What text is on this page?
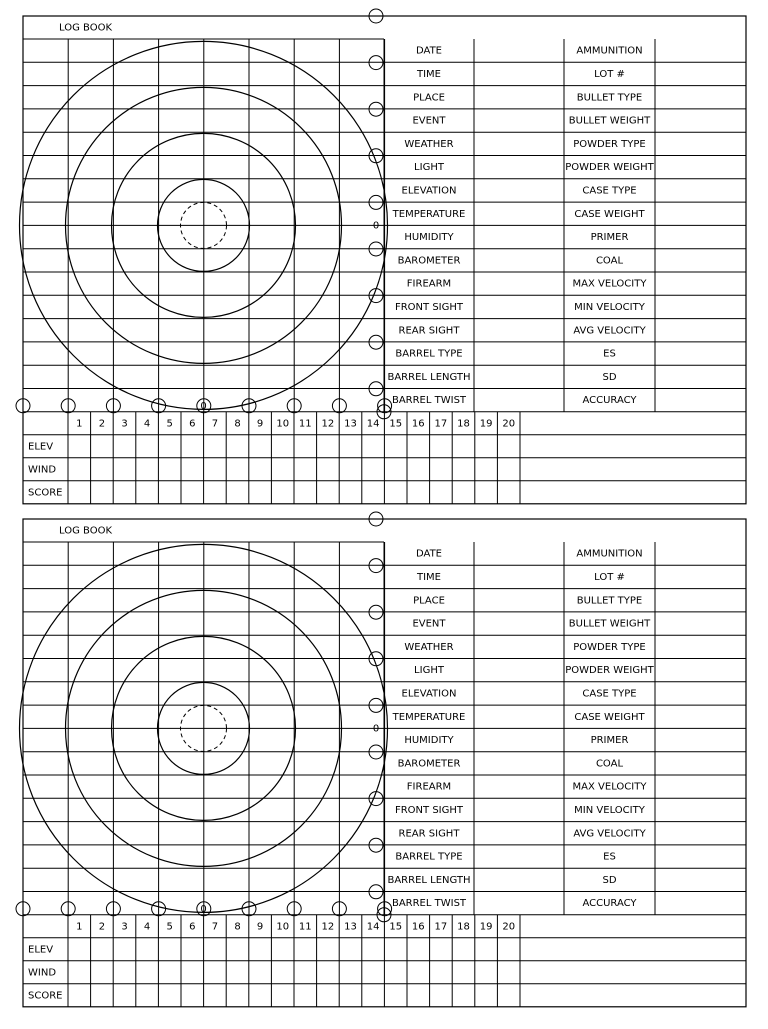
LOG BOOK
0
0
DATE	AMMUNITION
TIME	LOT #
PLACE	BULLET TYPE
EVENT	BULLET WEIGHT
WEATHER	POWDER TYPE
LIGHT	POWDER WEIGHT
ELEVATION	CASE TYPE
TEMPERATURE	CASE WEIGHT
HUMIDITY	PRIMER
BAROMETER	COAL
FIREARM	MAX VELOCITY
FRONT SIGHT	MIN VELOCITY
REAR SIGHT	AVG VELOCITY
BARREL TYPE	ES
BARREL LENGTH	SD
BARREL TWIST	ACCURACY
1 2 3 4 5 6 7 8 9 10 11 12 13 14 15 16 17 18 19 20
ELEV
WIND
SCORE
LOG BOOK
0
0
DATE	AMMUNITION
TIME	LOT #
PLACE	BULLET TYPE
EVENT	BULLET WEIGHT
WEATHER	POWDER TYPE
LIGHT	POWDER WEIGHT
ELEVATION	CASE TYPE
TEMPERATURE	CASE WEIGHT
HUMIDITY	PRIMER
BAROMETER	COAL
FIREARM	MAX VELOCITY
FRONT SIGHT	MIN VELOCITY
REAR SIGHT	AVG VELOCITY
BARREL TYPE	ES
BARREL LENGTH	SD
BARREL TWIST	ACCURACY
1 2 3 4 5 6 7 8 9 10 11 12 13 14 15 16 17 18 19 20
ELEV
WIND
SCORE
